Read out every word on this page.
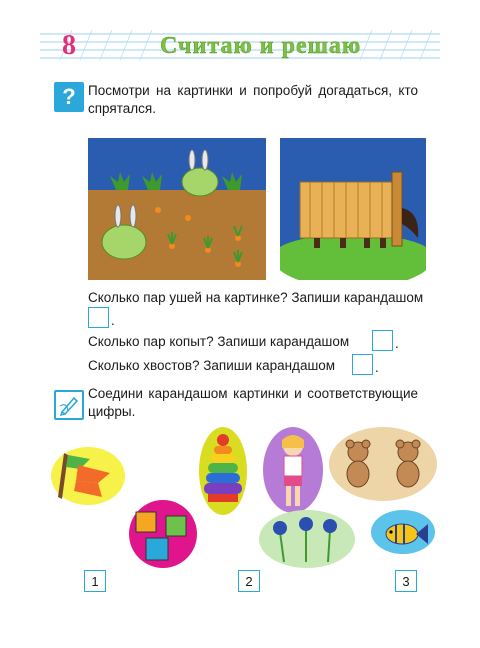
8	Считаю и решаю
? Посмотри на картинки и попробуй догадаться, кто спрятался.
Сколько пар ушей на картинке? Запиши карандашом
.
Сколько пар копыт? Запиши карандашом	.
Сколько хвостов? Запиши карандашом	.
Соедини карандашом картинки и соответствующие цифры.
1	2	3
